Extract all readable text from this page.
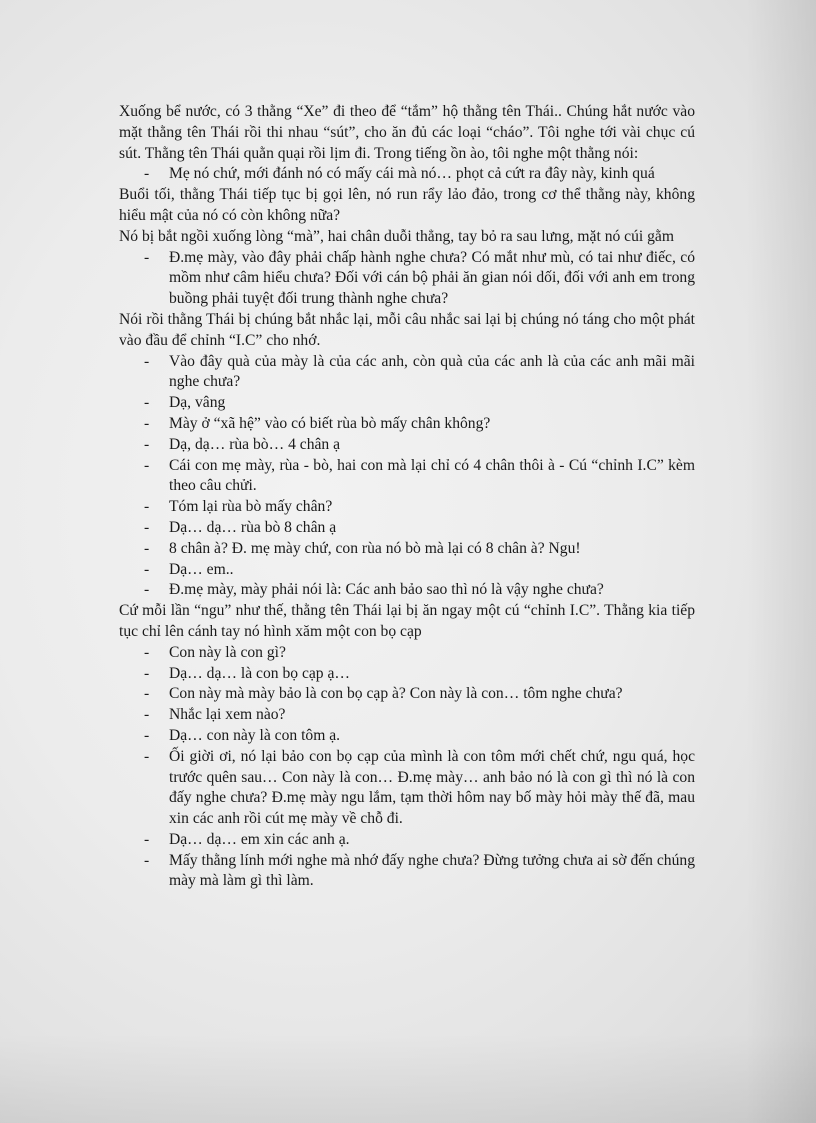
Xuống bể nước, có 3 thằng “Xe” đi theo để “tắm” hộ thằng tên Thái.. Chúng hắt nước vào mặt thằng tên Thái rồi thi nhau “sút”, cho ăn đủ các loại “cháo”. Tôi nghe tới vài chục cú sút. Thằng tên Thái quằn quại rồi lịm đi. Trong tiếng ồn ào, tôi nghe một thằng nói:

- Mẹ nó chứ, mới đánh nó có mấy cái mà nó… phọt cả cứt ra đây này, kinh quá

Buổi tối, thằng Thái tiếp tục bị gọi lên, nó run rẩy lảo đảo, trong cơ thể thằng này, không hiểu mật của nó có còn không nữa?

Nó bị bắt ngồi xuống lòng “mà”, hai chân duỗi thẳng, tay bỏ ra sau lưng, mặt nó cúi gằm

- Đ.mẹ mày, vào đây phải chấp hành nghe chưa? Có mắt như mù, có tai như điếc, có mồm như câm hiểu chưa? Đối với cán bộ phải ăn gian nói dối, đối với anh em trong buồng phải tuyệt đối trung thành nghe chưa?

Nói rồi thằng Thái bị chúng bắt nhắc lại, mỗi câu nhắc sai lại bị chúng nó táng cho một phát vào đầu để chỉnh “I.C” cho nhớ.

- Vào đây quà của mày là của các anh, còn quà của các anh là của các anh mãi mãi nghe chưa?

- Dạ, vâng

- Mày ở “xã hệ” vào có biết rùa bò mấy chân không?

- Dạ, dạ… rùa bò… 4 chân ạ

- Cái con mẹ mày, rùa - bò, hai con mà lại chỉ có 4 chân thôi à - Cú “chỉnh I.C” kèm theo câu chửi.

- Tóm lại rùa bò mấy chân?

- Dạ… dạ… rùa bò 8 chân ạ

- 8 chân à? Đ. mẹ mày chứ, con rùa nó bò mà lại có 8 chân à? Ngu!

- Dạ… em..

- Đ.mẹ mày, mày phải nói là: Các anh bảo sao thì nó là vậy nghe chưa?

Cứ mỗi lần “ngu” như thế, thằng tên Thái lại bị ăn ngay một cú “chỉnh I.C”. Thằng kia tiếp tục chỉ lên cánh tay nó hình xăm một con bọ cạp

- Con này là con gì?

- Dạ… dạ… là con bọ cạp ạ…

- Con này mà mày bảo là con bọ cạp à? Con này là con… tôm nghe chưa?

- Nhắc lại xem nào?

- Dạ… con này là con tôm ạ.

- Ối giời ơi, nó lại bảo con bọ cạp của mình là con tôm mới chết chứ, ngu quá, học trước quên sau… Con này là con… Đ.mẹ mày… anh bảo nó là con gì thì nó là con đấy nghe chưa? Đ.mẹ mày ngu lắm, tạm thời hôm nay bố mày hỏi mày thế đã, mau xin các anh rồi cút mẹ mày về chỗ đi.

- Dạ… dạ… em xin các anh ạ.

- Mấy thằng lính mới nghe mà nhớ đấy nghe chưa? Đừng tưởng chưa ai sờ đến chúng mày mà làm gì thì làm.
